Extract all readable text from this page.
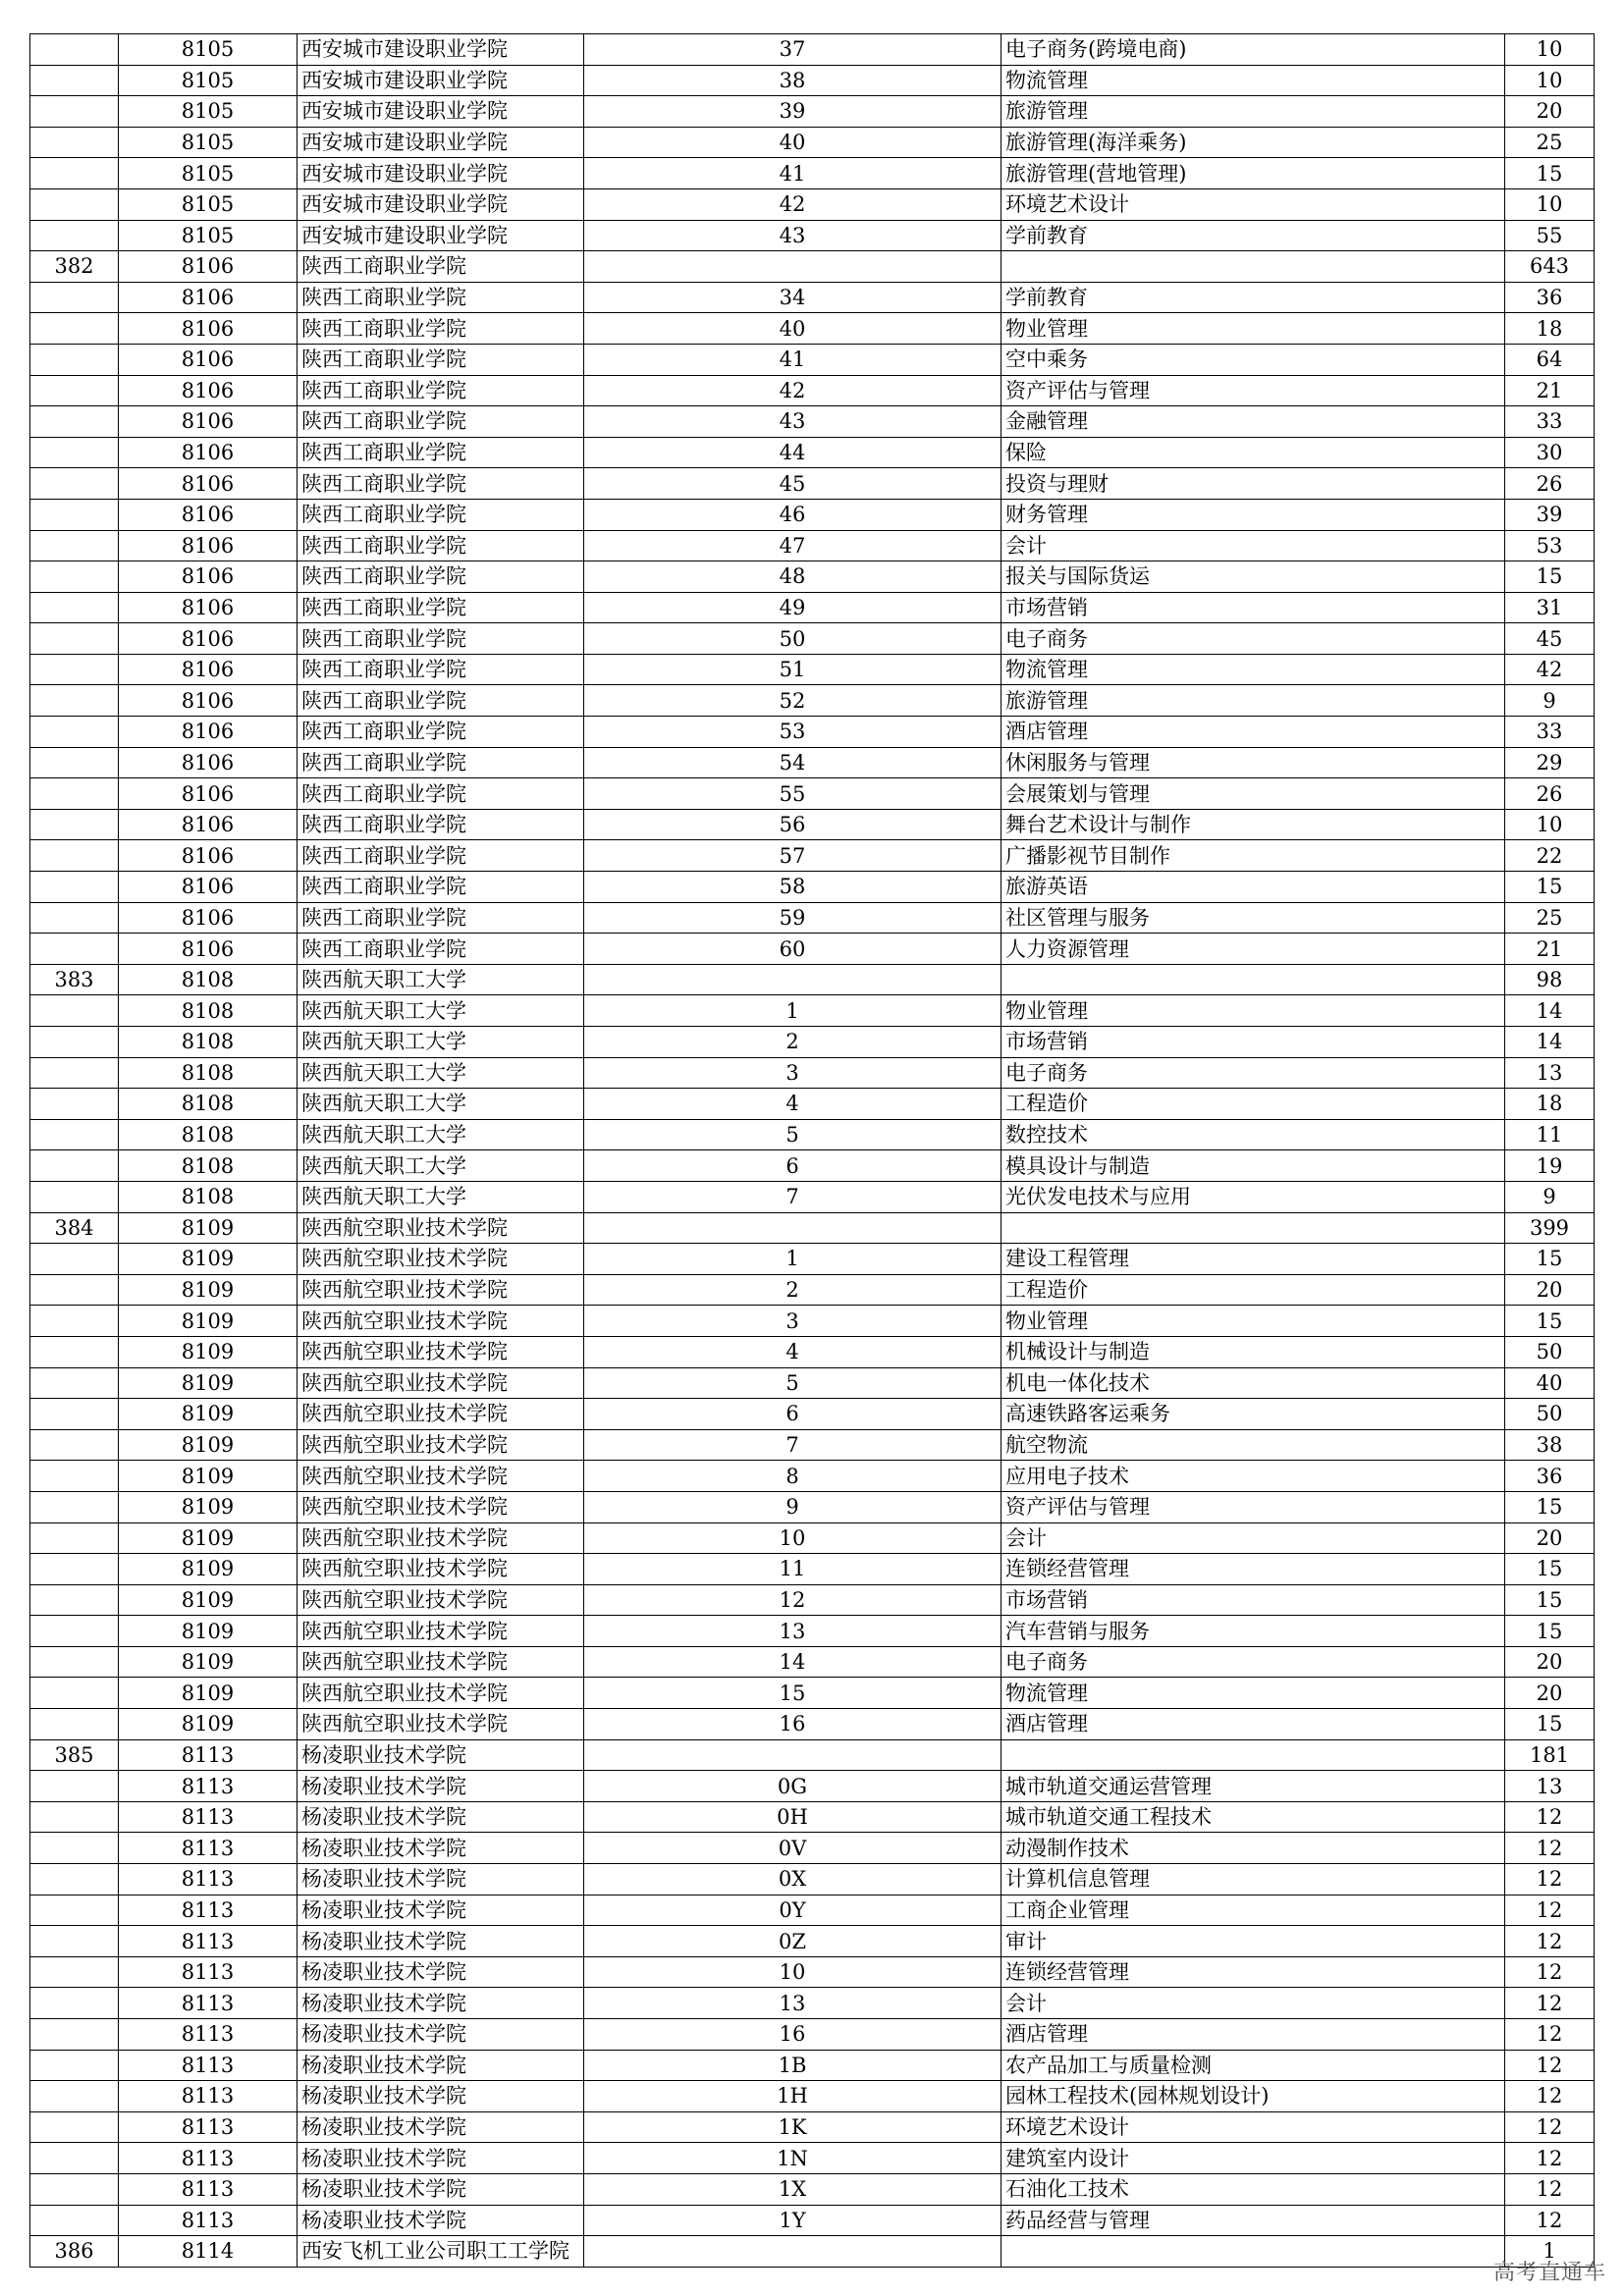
	8105	西安城市建设职业学院	37	电子商务(跨境电商)	10
	8105	西安城市建设职业学院	38	物流管理	10
	8105	西安城市建设职业学院	39	旅游管理	20
	8105	西安城市建设职业学院	40	旅游管理(海洋乘务)	25
	8105	西安城市建设职业学院	41	旅游管理(营地管理)	15
	8105	西安城市建设职业学院	42	环境艺术设计	10
	8105	西安城市建设职业学院	43	学前教育	55
382	8106	陕西工商职业学院			643
	8106	陕西工商职业学院	34	学前教育	36
	8106	陕西工商职业学院	40	物业管理	18
	8106	陕西工商职业学院	41	空中乘务	64
	8106	陕西工商职业学院	42	资产评估与管理	21
	8106	陕西工商职业学院	43	金融管理	33
	8106	陕西工商职业学院	44	保险	30
	8106	陕西工商职业学院	45	投资与理财	26
	8106	陕西工商职业学院	46	财务管理	39
	8106	陕西工商职业学院	47	会计	53
	8106	陕西工商职业学院	48	报关与国际货运	15
	8106	陕西工商职业学院	49	市场营销	31
	8106	陕西工商职业学院	50	电子商务	45
	8106	陕西工商职业学院	51	物流管理	42
	8106	陕西工商职业学院	52	旅游管理	9
	8106	陕西工商职业学院	53	酒店管理	33
	8106	陕西工商职业学院	54	休闲服务与管理	29
	8106	陕西工商职业学院	55	会展策划与管理	26
	8106	陕西工商职业学院	56	舞台艺术设计与制作	10
	8106	陕西工商职业学院	57	广播影视节目制作	22
	8106	陕西工商职业学院	58	旅游英语	15
	8106	陕西工商职业学院	59	社区管理与服务	25
	8106	陕西工商职业学院	60	人力资源管理	21
383	8108	陕西航天职工大学			98
	8108	陕西航天职工大学	1	物业管理	14
	8108	陕西航天职工大学	2	市场营销	14
	8108	陕西航天职工大学	3	电子商务	13
	8108	陕西航天职工大学	4	工程造价	18
	8108	陕西航天职工大学	5	数控技术	11
	8108	陕西航天职工大学	6	模具设计与制造	19
	8108	陕西航天职工大学	7	光伏发电技术与应用	9
384	8109	陕西航空职业技术学院			399
	8109	陕西航空职业技术学院	1	建设工程管理	15
	8109	陕西航空职业技术学院	2	工程造价	20
	8109	陕西航空职业技术学院	3	物业管理	15
	8109	陕西航空职业技术学院	4	机械设计与制造	50
	8109	陕西航空职业技术学院	5	机电一体化技术	40
	8109	陕西航空职业技术学院	6	高速铁路客运乘务	50
	8109	陕西航空职业技术学院	7	航空物流	38
	8109	陕西航空职业技术学院	8	应用电子技术	36
	8109	陕西航空职业技术学院	9	资产评估与管理	15
	8109	陕西航空职业技术学院	10	会计	20
	8109	陕西航空职业技术学院	11	连锁经营管理	15
	8109	陕西航空职业技术学院	12	市场营销	15
	8109	陕西航空职业技术学院	13	汽车营销与服务	15
	8109	陕西航空职业技术学院	14	电子商务	20
	8109	陕西航空职业技术学院	15	物流管理	20
	8109	陕西航空职业技术学院	16	酒店管理	15
385	8113	杨凌职业技术学院			181
	8113	杨凌职业技术学院	0G	城市轨道交通运营管理	13
	8113	杨凌职业技术学院	0H	城市轨道交通工程技术	12
	8113	杨凌职业技术学院	0V	动漫制作技术	12
	8113	杨凌职业技术学院	0X	计算机信息管理	12
	8113	杨凌职业技术学院	0Y	工商企业管理	12
	8113	杨凌职业技术学院	0Z	审计	12
	8113	杨凌职业技术学院	10	连锁经营管理	12
	8113	杨凌职业技术学院	13	会计	12
	8113	杨凌职业技术学院	16	酒店管理	12
	8113	杨凌职业技术学院	1B	农产品加工与质量检测	12
	8113	杨凌职业技术学院	1H	园林工程技术(园林规划设计)	12
	8113	杨凌职业技术学院	1K	环境艺术设计	12
	8113	杨凌职业技术学院	1N	建筑室内设计	12
	8113	杨凌职业技术学院	1X	石油化工技术	12
	8113	杨凌职业技术学院	1Y	药品经营与管理	12
386	8114	西安飞机工业公司职工工学院			1
高考直通车
